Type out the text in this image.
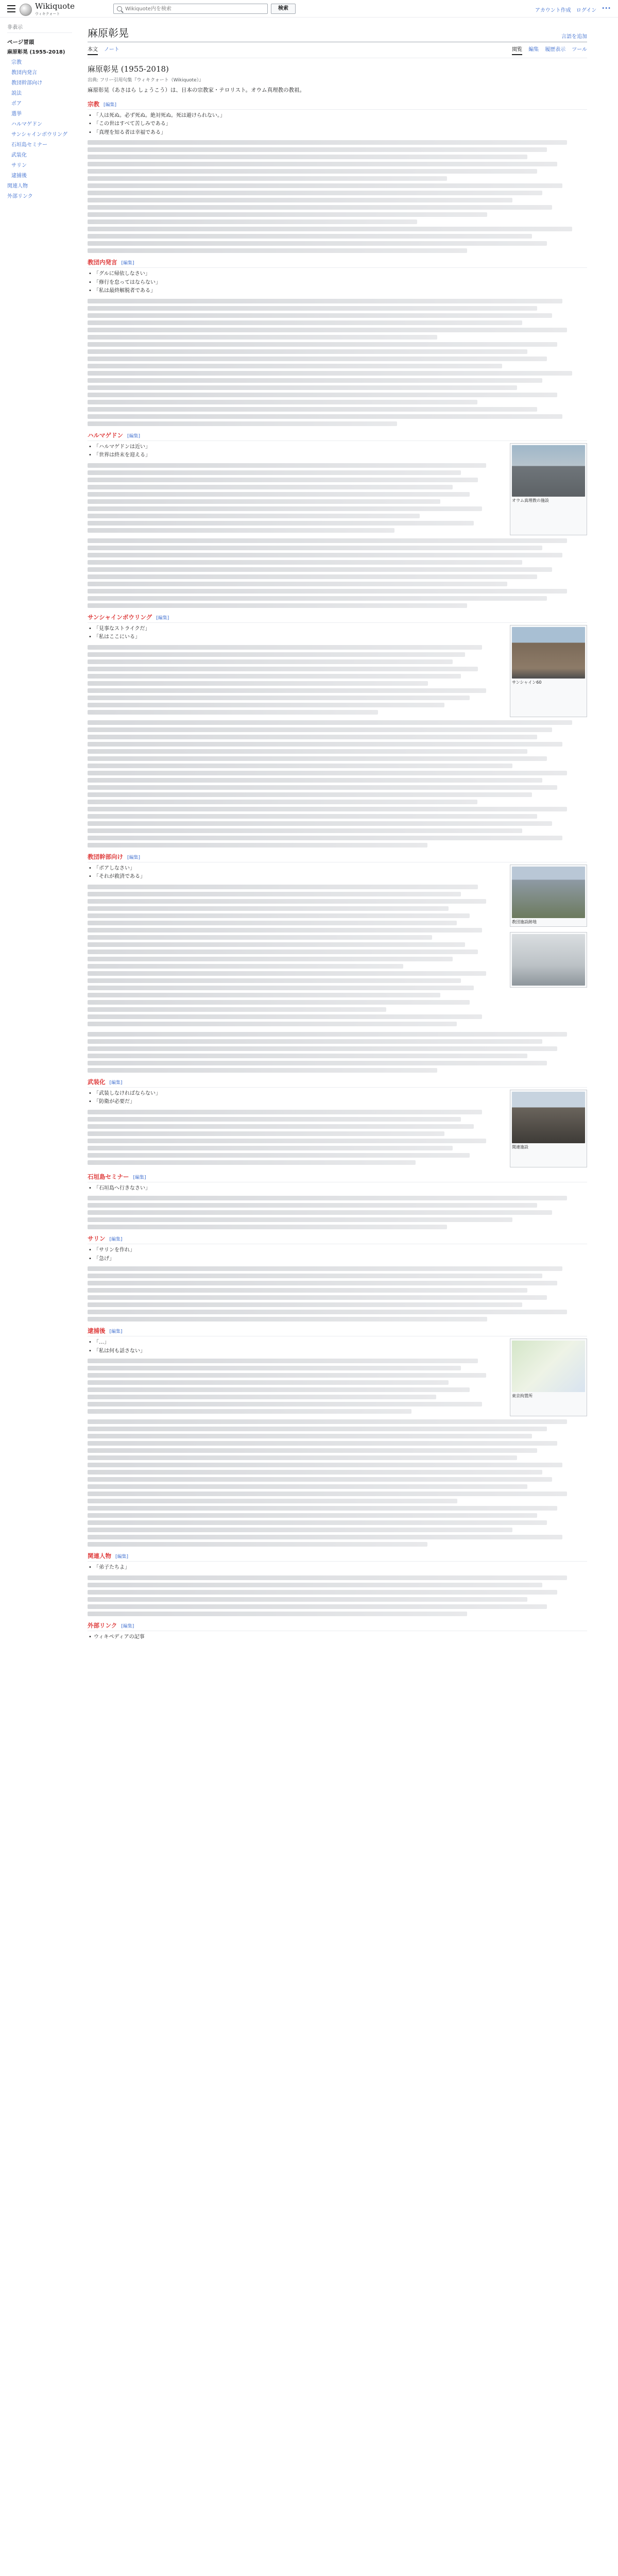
Wikiquote
ウィキクォート
Wikiquote内を検索
検索	アカウント作成 ログイン •••
非表示
ページ冒頭
麻原彰晃 (1955-2018)
宗教
教団内発言
教団幹部向け
説法
ポア
選挙
ハルマゲドン
サンシャインボウリング
石垣島セミナー
武装化
サリン
逮捕後
関連人物
外部リンク
麻原彰晃	言語を追加
本文 ノート	閲覧 編集 履歴表示 ツール
麻原彰晃 (1955-2018)
出典: フリー引用句集『ウィキクォート（Wikiquote）』
麻原彰晃（あさはら しょうこう）は、日本の宗教家・テロリスト。オウム真理教の教祖。
宗教 [編集]
• 「人は死ぬ。必ず死ぬ。絶対死ぬ。死は避けられない。」
• 「この世はすべて苦しみである」
• 「真理を知る者は幸福である」
教団内発言 [編集]
• 「グルに帰依しなさい」
• 「修行を怠ってはならない」
• 「私は最終解脱者である」
ハルマゲドン [編集]
• 「ハルマゲドンは近い」
• 「世界は終末を迎える」
オウム真理教の施設
サンシャインボウリング [編集]
• 「見事なストライクだ」
• 「私はここにいる」
サンシャイン60
教団幹部向け [編集]
• 「ポアしなさい」
• 「それが救済である」
教団施設跡地
武装化 [編集]
• 「武装しなければならない」
• 「防衛が必要だ」
関連施設
石垣島セミナー [編集]
• 「石垣島へ行きなさい」
サリン [編集]
• 「サリンを作れ」
• 「急げ」
逮捕後 [編集]
• 「…」
• 「私は何も話さない」
東京拘置所
関連人物 [編集]
• 「弟子たちよ」
外部リンク [編集]
• ウィキペディアの記事
